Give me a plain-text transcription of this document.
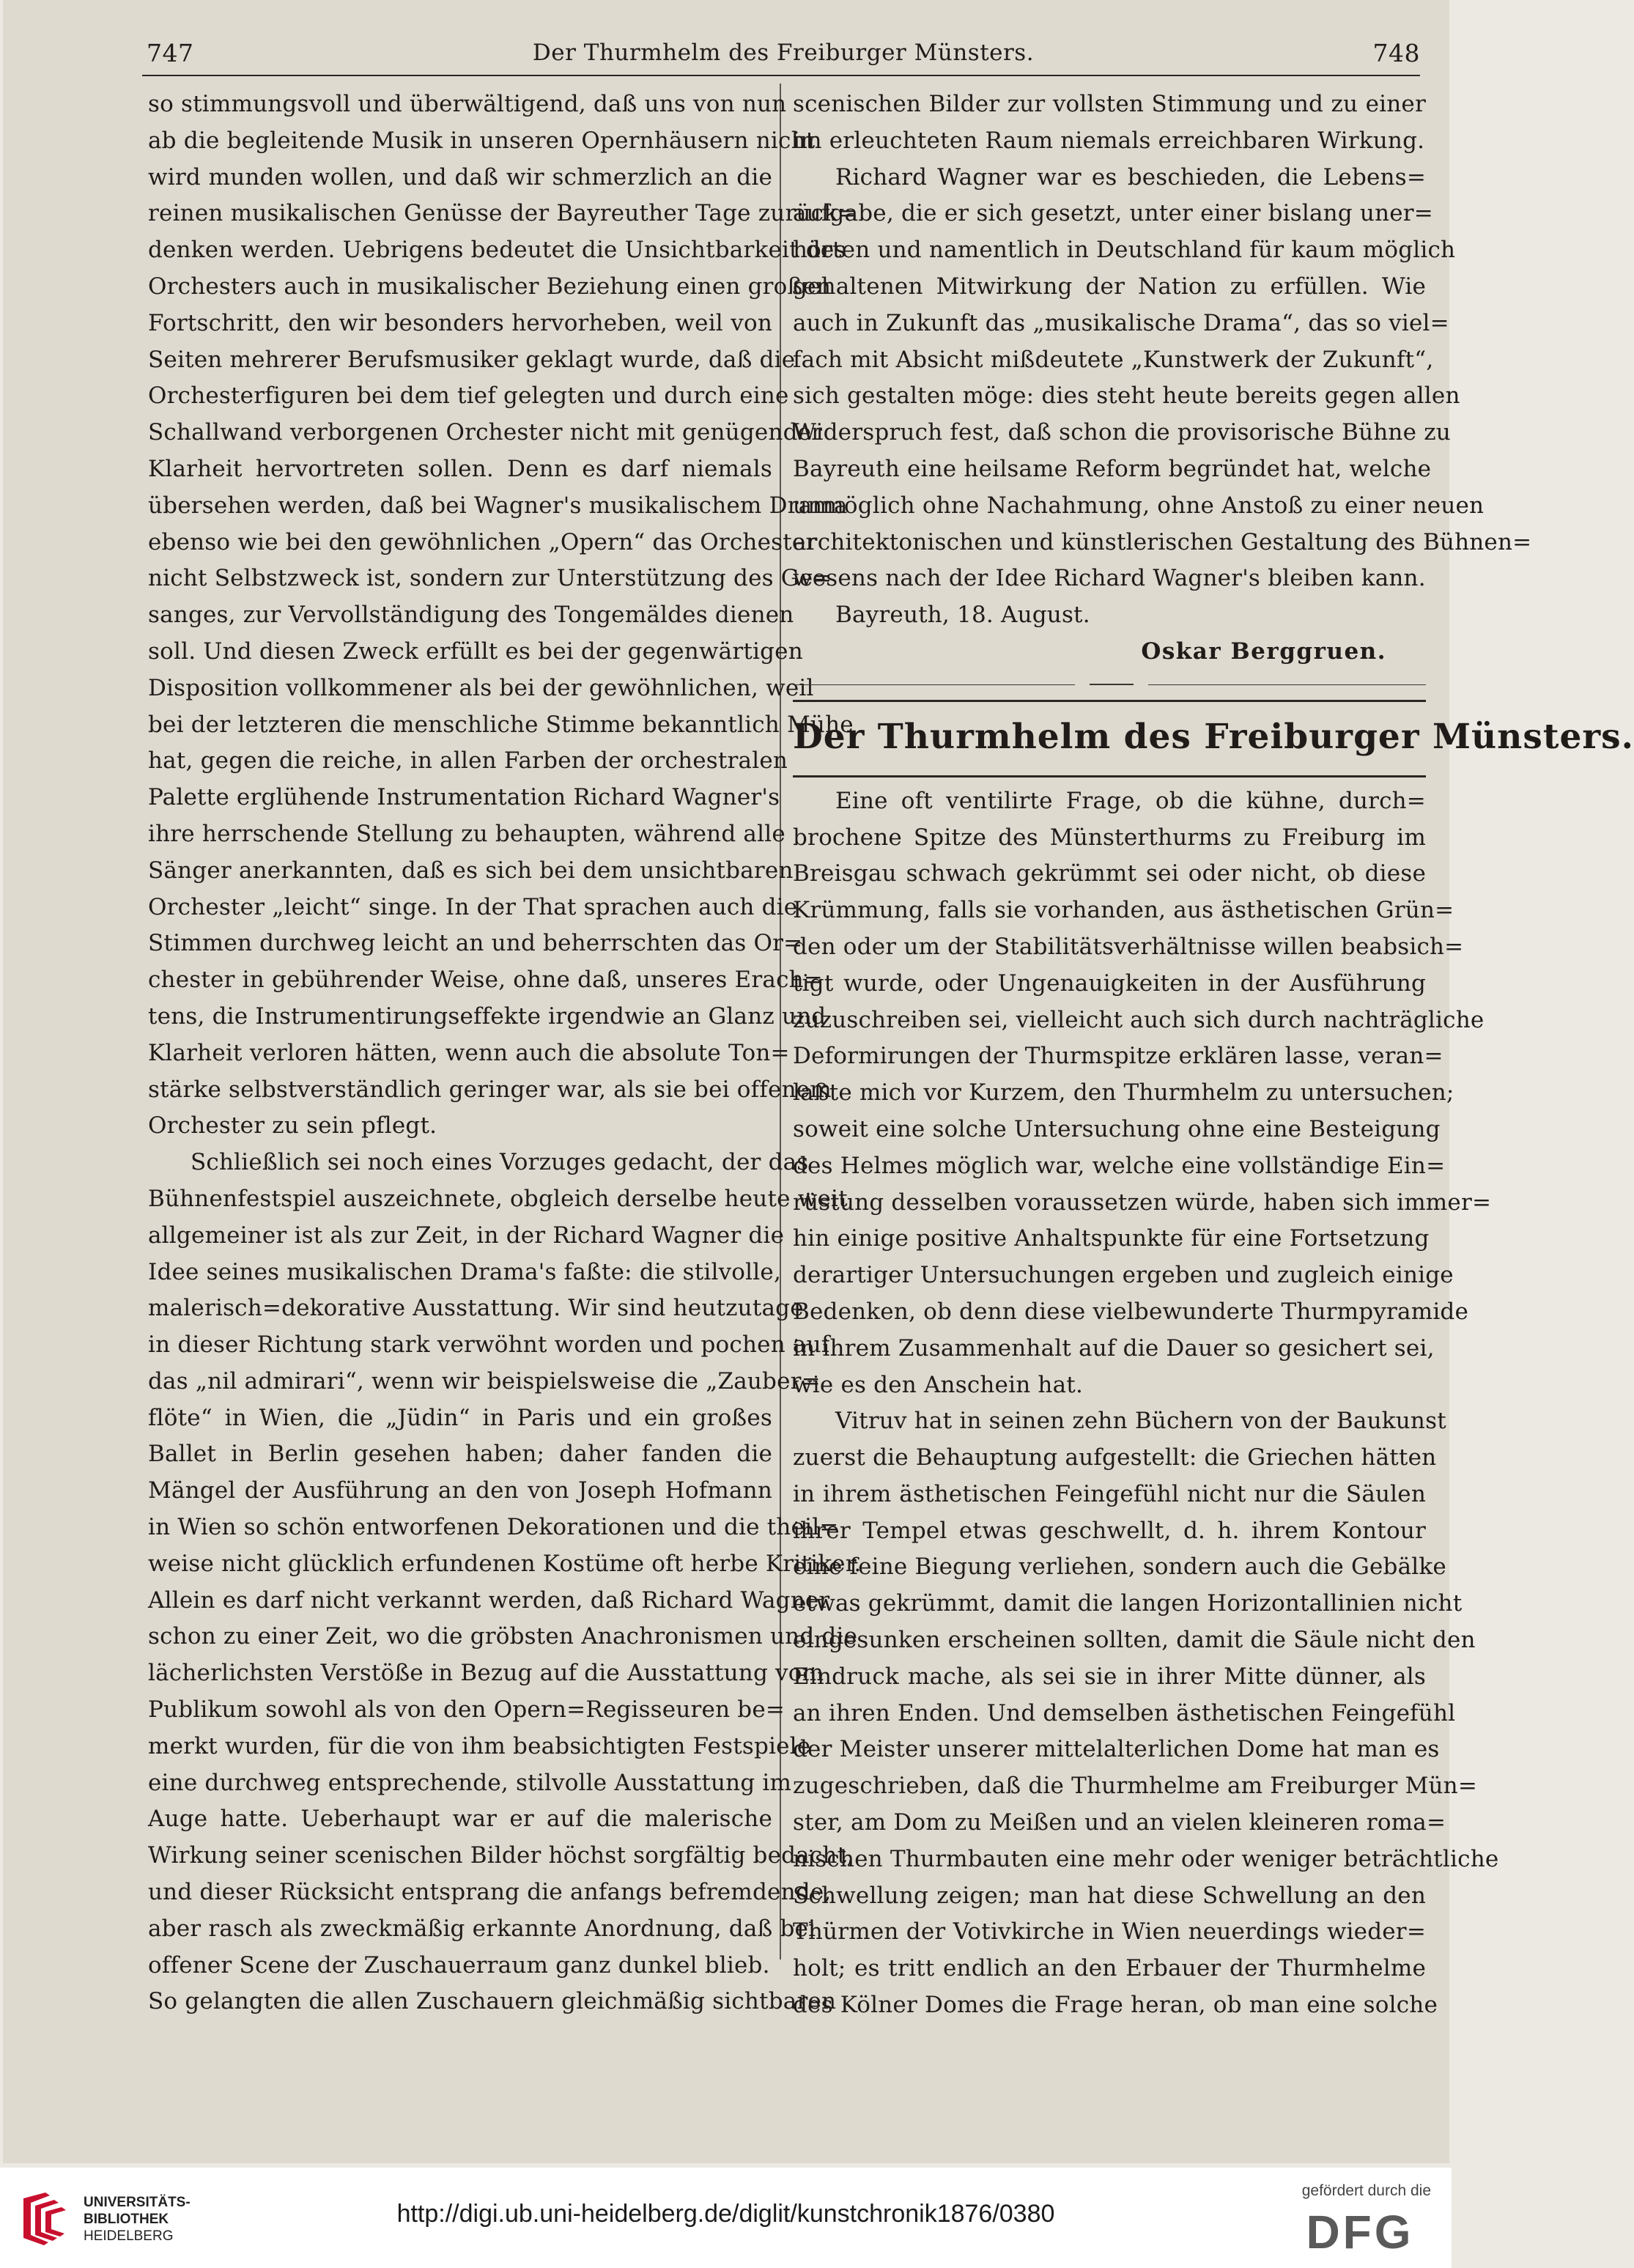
747	Der Thurmhelm des Freiburger Münsters.	748
so stimmungsvoll und überwältigend, daß uns von nun
ab die begleitende Musik in unseren Opernhäusern nicht
wird munden wollen, und daß wir schmerzlich an die
reinen musikalischen Genüsse der Bayreuther Tage zurück=
denken werden. Uebrigens bedeutet die Unsichtbarkeit des
Orchesters auch in musikalischer Beziehung einen großen
Fortschritt, den wir besonders hervorheben, weil von
Seiten mehrerer Berufsmusiker geklagt wurde, daß die
Orchesterfiguren bei dem tief gelegten und durch eine
Schallwand verborgenen Orchester nicht mit genügender
Klarheit hervortreten sollen. Denn es darf niemals
übersehen werden, daß bei Wagner's musikalischem Drama
ebenso wie bei den gewöhnlichen „Opern“ das Orchester
nicht Selbstzweck ist, sondern zur Unterstützung des Ge=
sanges, zur Vervollständigung des Tongemäldes dienen
soll. Und diesen Zweck erfüllt es bei der gegenwärtigen
Disposition vollkommener als bei der gewöhnlichen, weil
bei der letzteren die menschliche Stimme bekanntlich Mühe
hat, gegen die reiche, in allen Farben der orchestralen
Palette erglühende Instrumentation Richard Wagner's
ihre herrschende Stellung zu behaupten, während alle
Sänger anerkannten, daß es sich bei dem unsichtbaren
Orchester „leicht“ singe. In der That sprachen auch die
Stimmen durchweg leicht an und beherrschten das Or=
chester in gebührender Weise, ohne daß, unseres Erach=
tens, die Instrumentirungseffekte irgendwie an Glanz und
Klarheit verloren hätten, wenn auch die absolute Ton=
stärke selbstverständlich geringer war, als sie bei offenem
Orchester zu sein pflegt.
Schließlich sei noch eines Vorzuges gedacht, der das
Bühnenfestspiel auszeichnete, obgleich derselbe heute weit
allgemeiner ist als zur Zeit, in der Richard Wagner die
Idee seines musikalischen Drama's faßte: die stilvolle,
malerisch=dekorative Ausstattung. Wir sind heutzutage
in dieser Richtung stark verwöhnt worden und pochen auf
das „nil admirari“, wenn wir beispielsweise die „Zauber=
flöte“ in Wien, die „Jüdin“ in Paris und ein großes
Ballet in Berlin gesehen haben; daher fanden die
Mängel der Ausführung an den von Joseph Hofmann
in Wien so schön entworfenen Dekorationen und die theil=
weise nicht glücklich erfundenen Kostüme oft herbe Kritiker.
Allein es darf nicht verkannt werden, daß Richard Wagner
schon zu einer Zeit, wo die gröbsten Anachronismen und die
lächerlichsten Verstöße in Bezug auf die Ausstattung vom
Publikum sowohl als von den Opern=Regisseuren be=
merkt wurden, für die von ihm beabsichtigten Festspiele
eine durchweg entsprechende, stilvolle Ausstattung im
Auge hatte. Ueberhaupt war er auf die malerische
Wirkung seiner scenischen Bilder höchst sorgfältig bedacht,
und dieser Rücksicht entsprang die anfangs befremdende,
aber rasch als zweckmäßig erkannte Anordnung, daß bei
offener Scene der Zuschauerraum ganz dunkel blieb.
So gelangten die allen Zuschauern gleichmäßig sichtbaren
scenischen Bilder zur vollsten Stimmung und zu einer
im erleuchteten Raum niemals erreichbaren Wirkung.
Richard Wagner war es beschieden, die Lebens=
aufgabe, die er sich gesetzt, unter einer bislang uner=
hörten und namentlich in Deutschland für kaum möglich
gehaltenen Mitwirkung der Nation zu erfüllen. Wie
auch in Zukunft das „musikalische Drama“, das so viel=
fach mit Absicht mißdeutete „Kunstwerk der Zukunft“,
sich gestalten möge: dies steht heute bereits gegen allen
Widerspruch fest, daß schon die provisorische Bühne zu
Bayreuth eine heilsame Reform begründet hat, welche
unmöglich ohne Nachahmung, ohne Anstoß zu einer neuen
architektonischen und künstlerischen Gestaltung des Bühnen=
wesens nach der Idee Richard Wagner's bleiben kann.
Bayreuth, 18. August.
Oskar Berggruen.
Der Thurmhelm des Freiburger Münsters.
Eine oft ventilirte Frage, ob die kühne, durch=
brochene Spitze des Münsterthurms zu Freiburg im
Breisgau schwach gekrümmt sei oder nicht, ob diese
Krümmung, falls sie vorhanden, aus ästhetischen Grün=
den oder um der Stabilitätsverhältnisse willen beabsich=
tigt wurde, oder Ungenauigkeiten in der Ausführung
zuzuschreiben sei, vielleicht auch sich durch nachträgliche
Deformirungen der Thurmspitze erklären lasse, veran=
laßte mich vor Kurzem, den Thurmhelm zu untersuchen;
soweit eine solche Untersuchung ohne eine Besteigung
des Helmes möglich war, welche eine vollständige Ein=
rüstung desselben voraussetzen würde, haben sich immer=
hin einige positive Anhaltspunkte für eine Fortsetzung
derartiger Untersuchungen ergeben und zugleich einige
Bedenken, ob denn diese vielbewunderte Thurmpyramide
in ihrem Zusammenhalt auf die Dauer so gesichert sei,
wie es den Anschein hat.
Vitruv hat in seinen zehn Büchern von der Baukunst
zuerst die Behauptung aufgestellt: die Griechen hätten
in ihrem ästhetischen Feingefühl nicht nur die Säulen
ihrer Tempel etwas geschwellt, d. h. ihrem Kontour
eine feine Biegung verliehen, sondern auch die Gebälke
etwas gekrümmt, damit die langen Horizontallinien nicht
eingesunken erscheinen sollten, damit die Säule nicht den
Eindruck mache, als sei sie in ihrer Mitte dünner, als
an ihren Enden. Und demselben ästhetischen Feingefühl
der Meister unserer mittelalterlichen Dome hat man es
zugeschrieben, daß die Thurmhelme am Freiburger Mün=
ster, am Dom zu Meißen und an vielen kleineren roma=
nischen Thurmbauten eine mehr oder weniger beträchtliche
Schwellung zeigen; man hat diese Schwellung an den
Thürmen der Votivkirche in Wien neuerdings wieder=
holt; es tritt endlich an den Erbauer der Thurmhelme
des Kölner Domes die Frage heran, ob man eine solche
UNIVERSITÄTS-
BIBLIOTHEK
HEIDELBERG
http://digi.ub.uni-heidelberg.de/diglit/kunstchronik1876/0380
gefördert durch die
DFG
